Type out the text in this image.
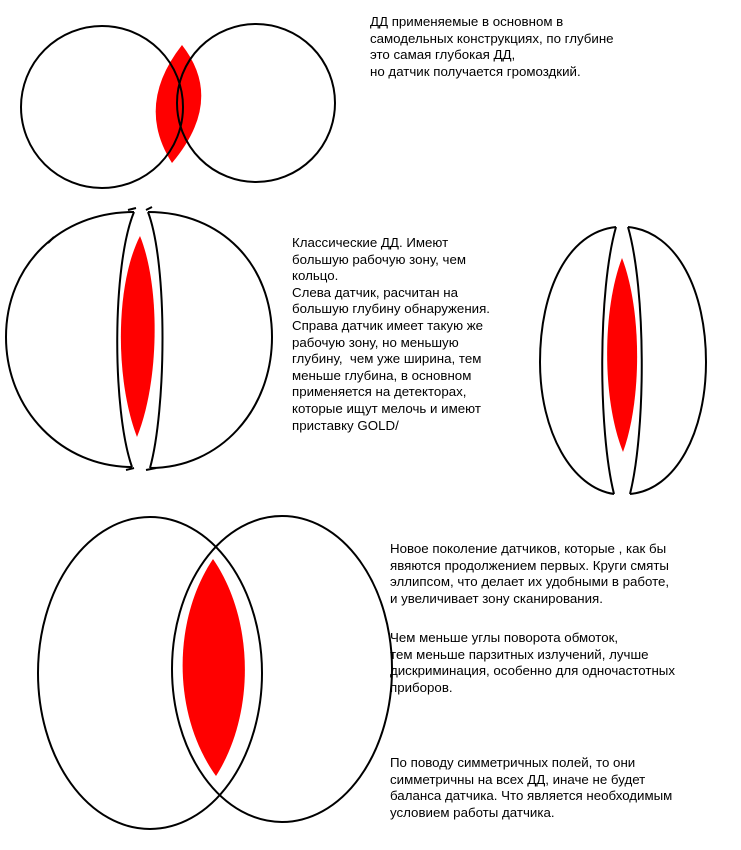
ДД применяемые в основном в
самодельных конструкциях, по глубине
это самая глубокая ДД,
но датчик получается громоздкий.
Классические ДД. Имеют
большую рабочую зону, чем
кольцо.
Слева датчик, расчитан на
большую глубину обнаружения.
Справа датчик имеет такую же
рабочую зону, но меньшую
глубину,  чем уже ширина, тем
меньше глубина, в основном
применяется на детекторах,
которые ищут мелочь и имеют
приставку GOLD/
Новое поколение датчиков, которые , как бы
явяются продолжением первых. Круги смяты
эллипсом, что делает их удобными в работе,
и увеличивает зону сканирования.
Чем меньше углы поворота обмоток,
тем меньше парзитных излучений, лучше
дискриминация, особенно для одночастотных
приборов.
По поводу симметричных полей, то они
симметричны на всех ДД, иначе не будет
баланса датчика. Что является необходимым
условием работы датчика.
